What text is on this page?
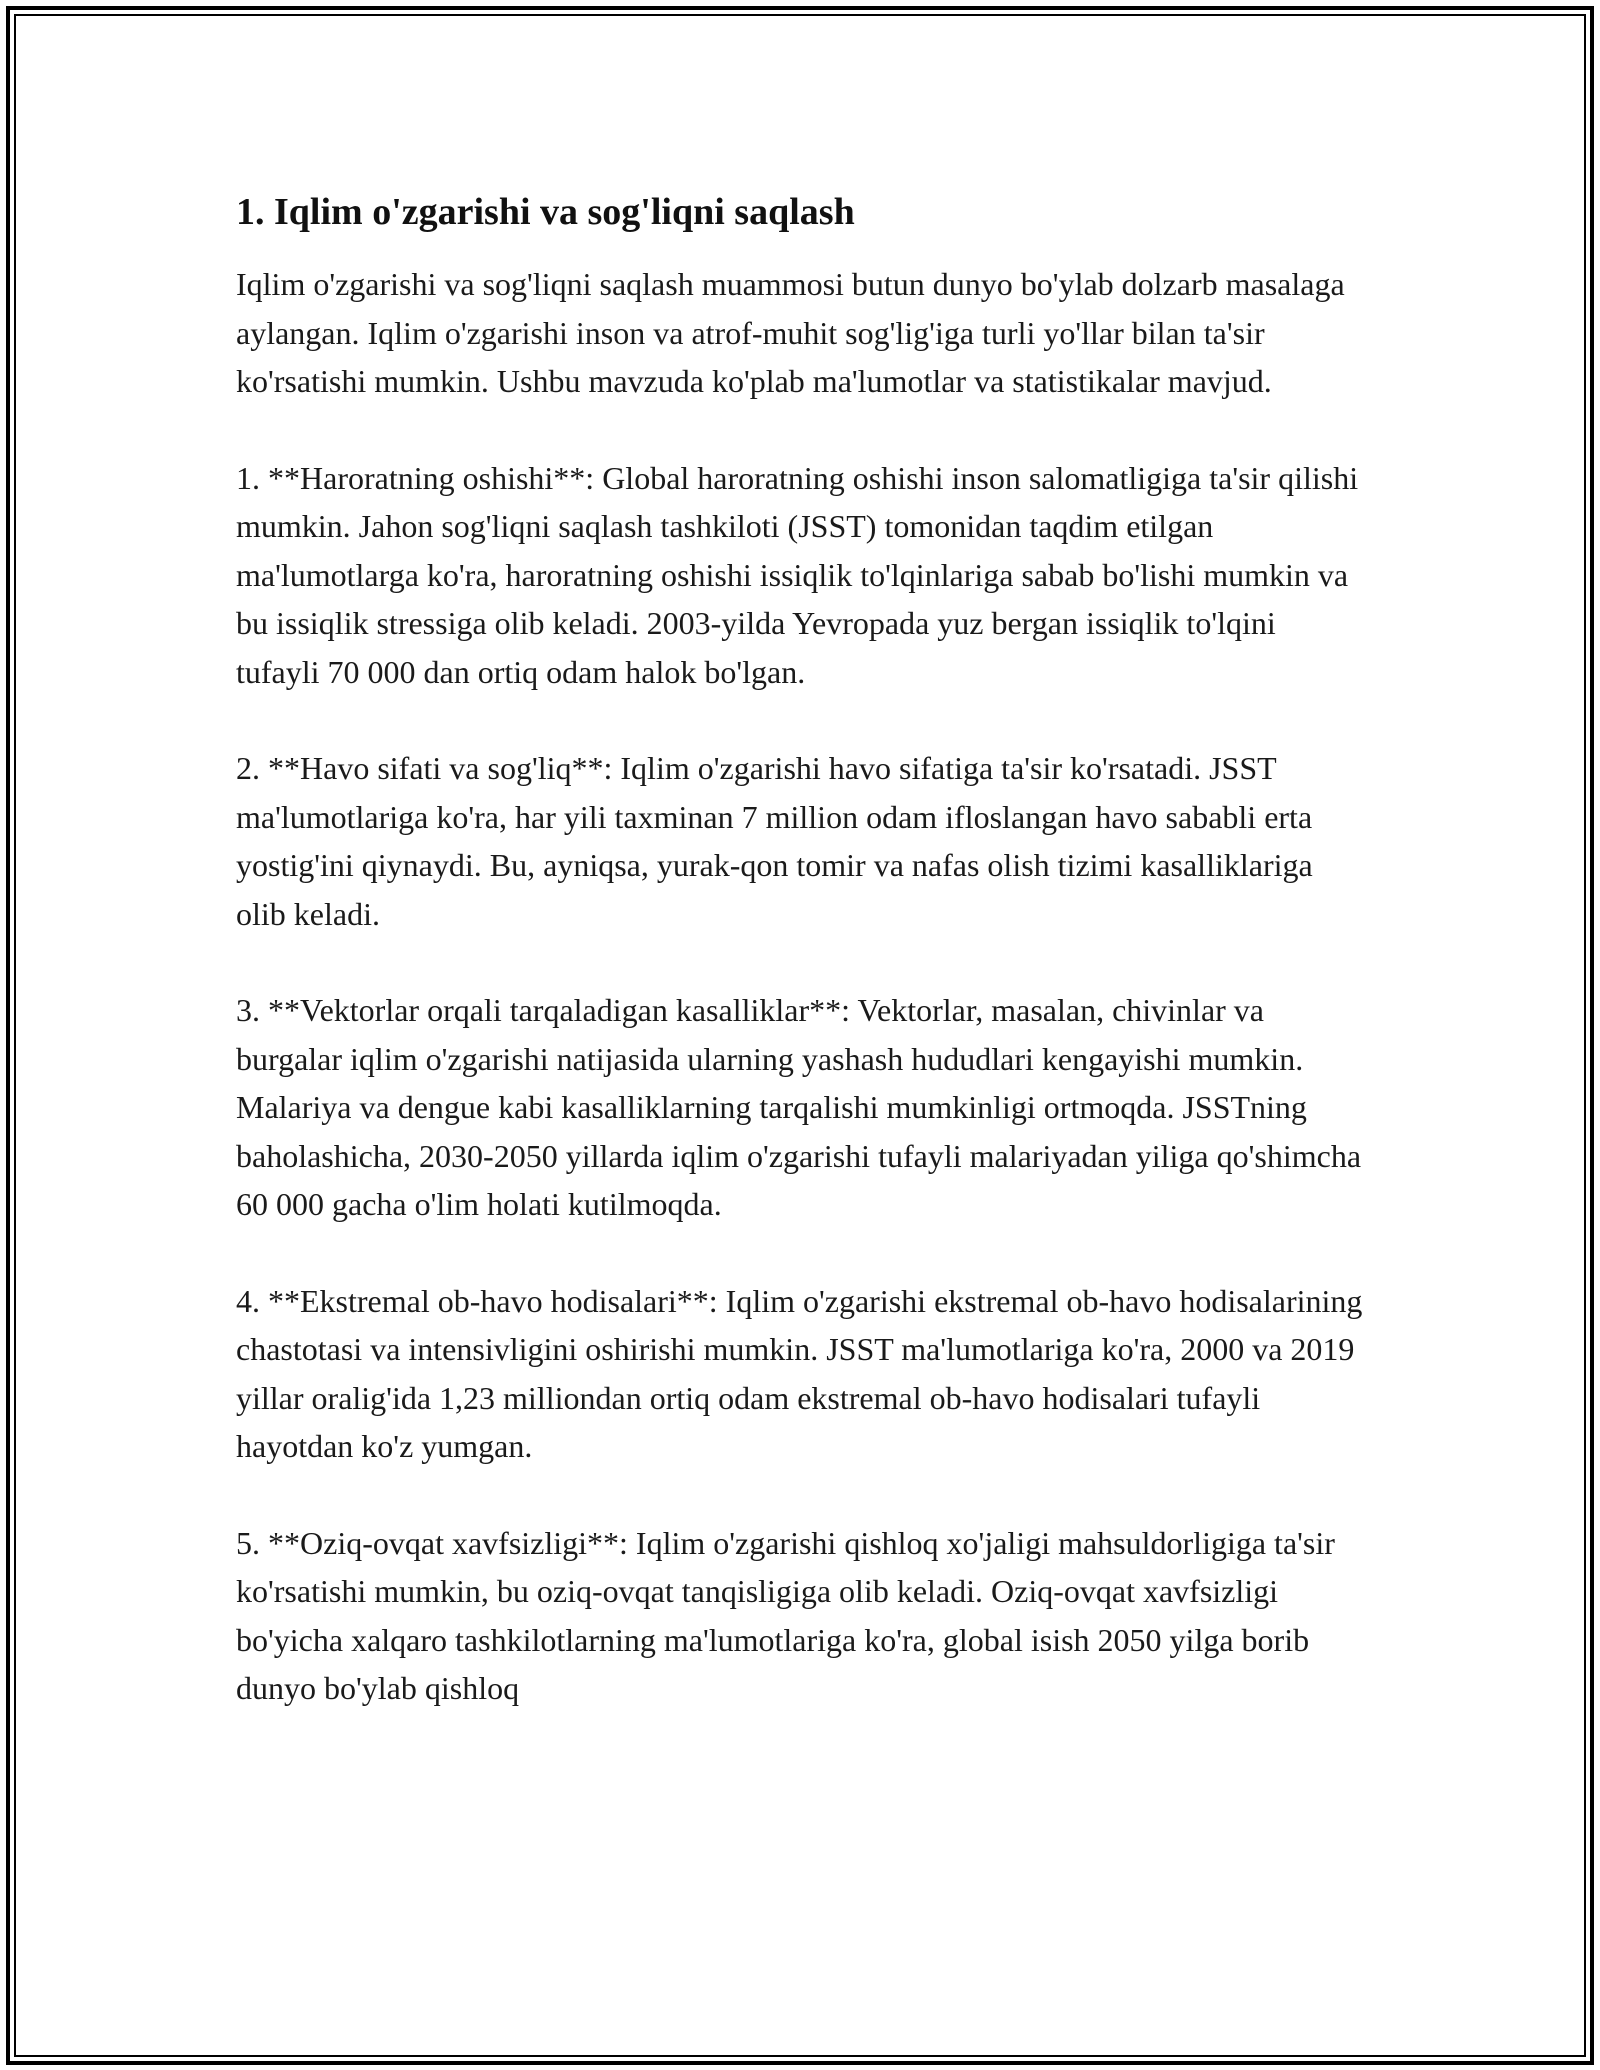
1. Iqlim o'zgarishi va sog'liqni saqlash

Iqlim o'zgarishi va sog'liqni saqlash muammosi butun dunyo bo'ylab dolzarb masalaga aylangan. Iqlim o'zgarishi inson va atrof-muhit sog'lig'iga turli yo'llar bilan ta'sir ko'rsatishi mumkin. Ushbu mavzuda ko'plab ma'lumotlar va statistikalar mavjud.

1. **Haroratning oshishi**: Global haroratning oshishi inson salomatligiga ta'sir qilishi mumkin. Jahon sog'liqni saqlash tashkiloti (JSST) tomonidan taqdim etilgan ma'lumotlarga ko'ra, haroratning oshishi issiqlik to'lqinlariga sabab bo'lishi mumkin va bu issiqlik stressiga olib keladi. 2003-yilda Yevropada yuz bergan issiqlik to'lqini tufayli 70 000 dan ortiq odam halok bo'lgan.

2. **Havo sifati va sog'liq**: Iqlim o'zgarishi havo sifatiga ta'sir ko'rsatadi. JSST ma'lumotlariga ko'ra, har yili taxminan 7 million odam ifloslangan havo sababli erta yostig'ini qiynaydi. Bu, ayniqsa, yurak-qon tomir va nafas olish tizimi kasalliklariga olib keladi.

3. **Vektorlar orqali tarqaladigan kasalliklar**: Vektorlar, masalan, chivinlar va burgalar iqlim o'zgarishi natijasida ularning yashash hududlari kengayishi mumkin. Malariya va dengue kabi kasalliklarning tarqalishi mumkinligi ortmoqda. JSSTning baholashicha, 2030-2050 yillarda iqlim o'zgarishi tufayli malariyadan yiliga qo'shimcha 60 000 gacha o'lim holati kutilmoqda.

4. **Ekstremal ob-havo hodisalari**: Iqlim o'zgarishi ekstremal ob-havo hodisalarining chastotasi va intensivligini oshirishi mumkin. JSST ma'lumotlariga ko'ra, 2000 va 2019 yillar oralig'ida 1,23 milliondan ortiq odam ekstremal ob-havo hodisalari tufayli hayotdan ko'z yumgan.

5. **Oziq-ovqat xavfsizligi**: Iqlim o'zgarishi qishloq xo'jaligi mahsuldorligiga ta'sir ko'rsatishi mumkin, bu oziq-ovqat tanqisligiga olib keladi. Oziq-ovqat xavfsizligi bo'yicha xalqaro tashkilotlarning ma'lumotlariga ko'ra, global isish 2050 yilga borib dunyo bo'ylab qishloq
